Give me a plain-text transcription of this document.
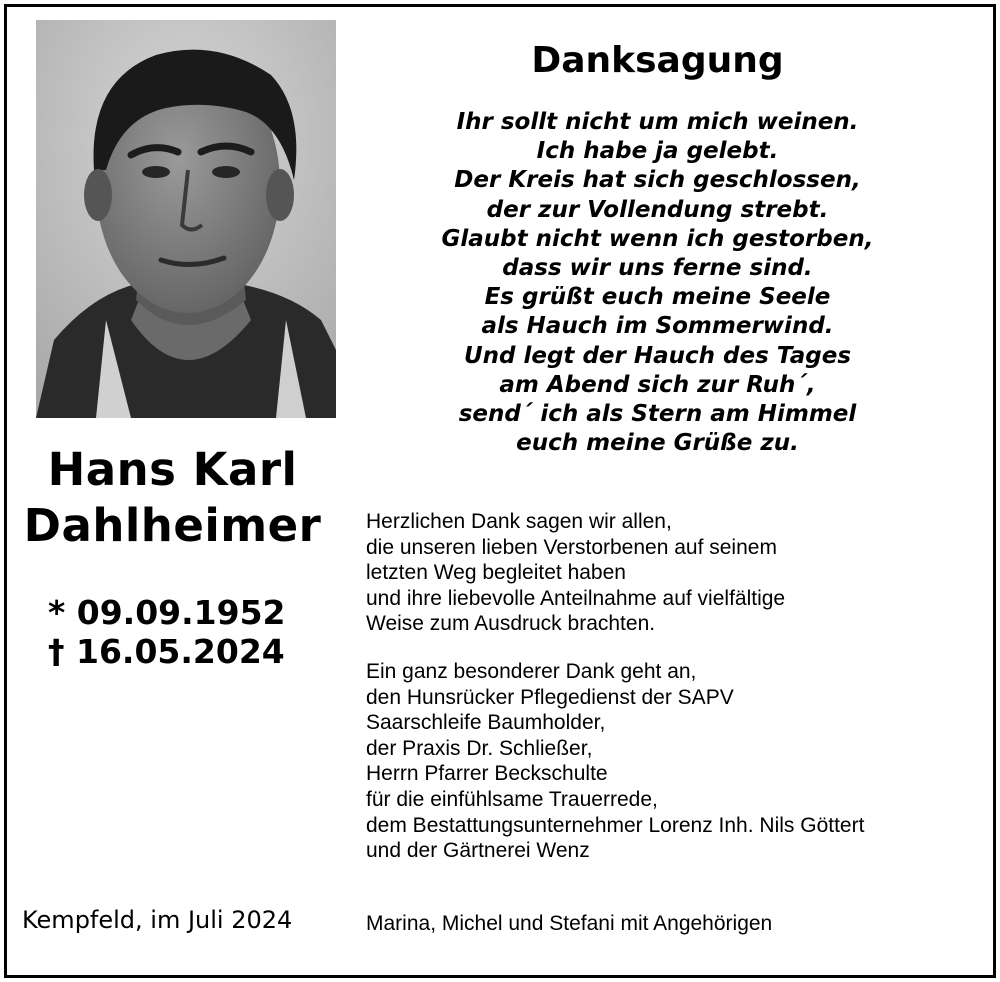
Hans Karl
Dahlheimer
* 09.09.1952
† 16.05.2024
Kempfeld, im Juli 2024
Danksagung
Ihr sollt nicht um mich weinen.
Ich habe ja gelebt.
Der Kreis hat sich geschlossen,
der zur Vollendung strebt.
Glaubt nicht wenn ich gestorben,
dass wir uns ferne sind.
Es grüßt euch meine Seele
als Hauch im Sommerwind.
Und legt der Hauch des Tages
am Abend sich zur Ruh´,
send´ ich als Stern am Himmel
euch meine Grüße zu.
Herzlichen Dank sagen wir allen,
die unseren lieben Verstorbenen auf seinem
letzten Weg begleitet haben
und ihre liebevolle Anteilnahme auf vielfältige
Weise zum Ausdruck brachten.
Ein ganz besonderer Dank geht an,
den Hunsrücker Pflegedienst der SAPV
Saarschleife Baumholder,
der Praxis Dr. Schließer,
Herrn Pfarrer Beckschulte
für die einfühlsame Trauerrede,
dem Bestattungsunternehmer Lorenz Inh. Nils Göttert
und der Gärtnerei Wenz
Marina, Michel und Stefani mit Angehörigen
